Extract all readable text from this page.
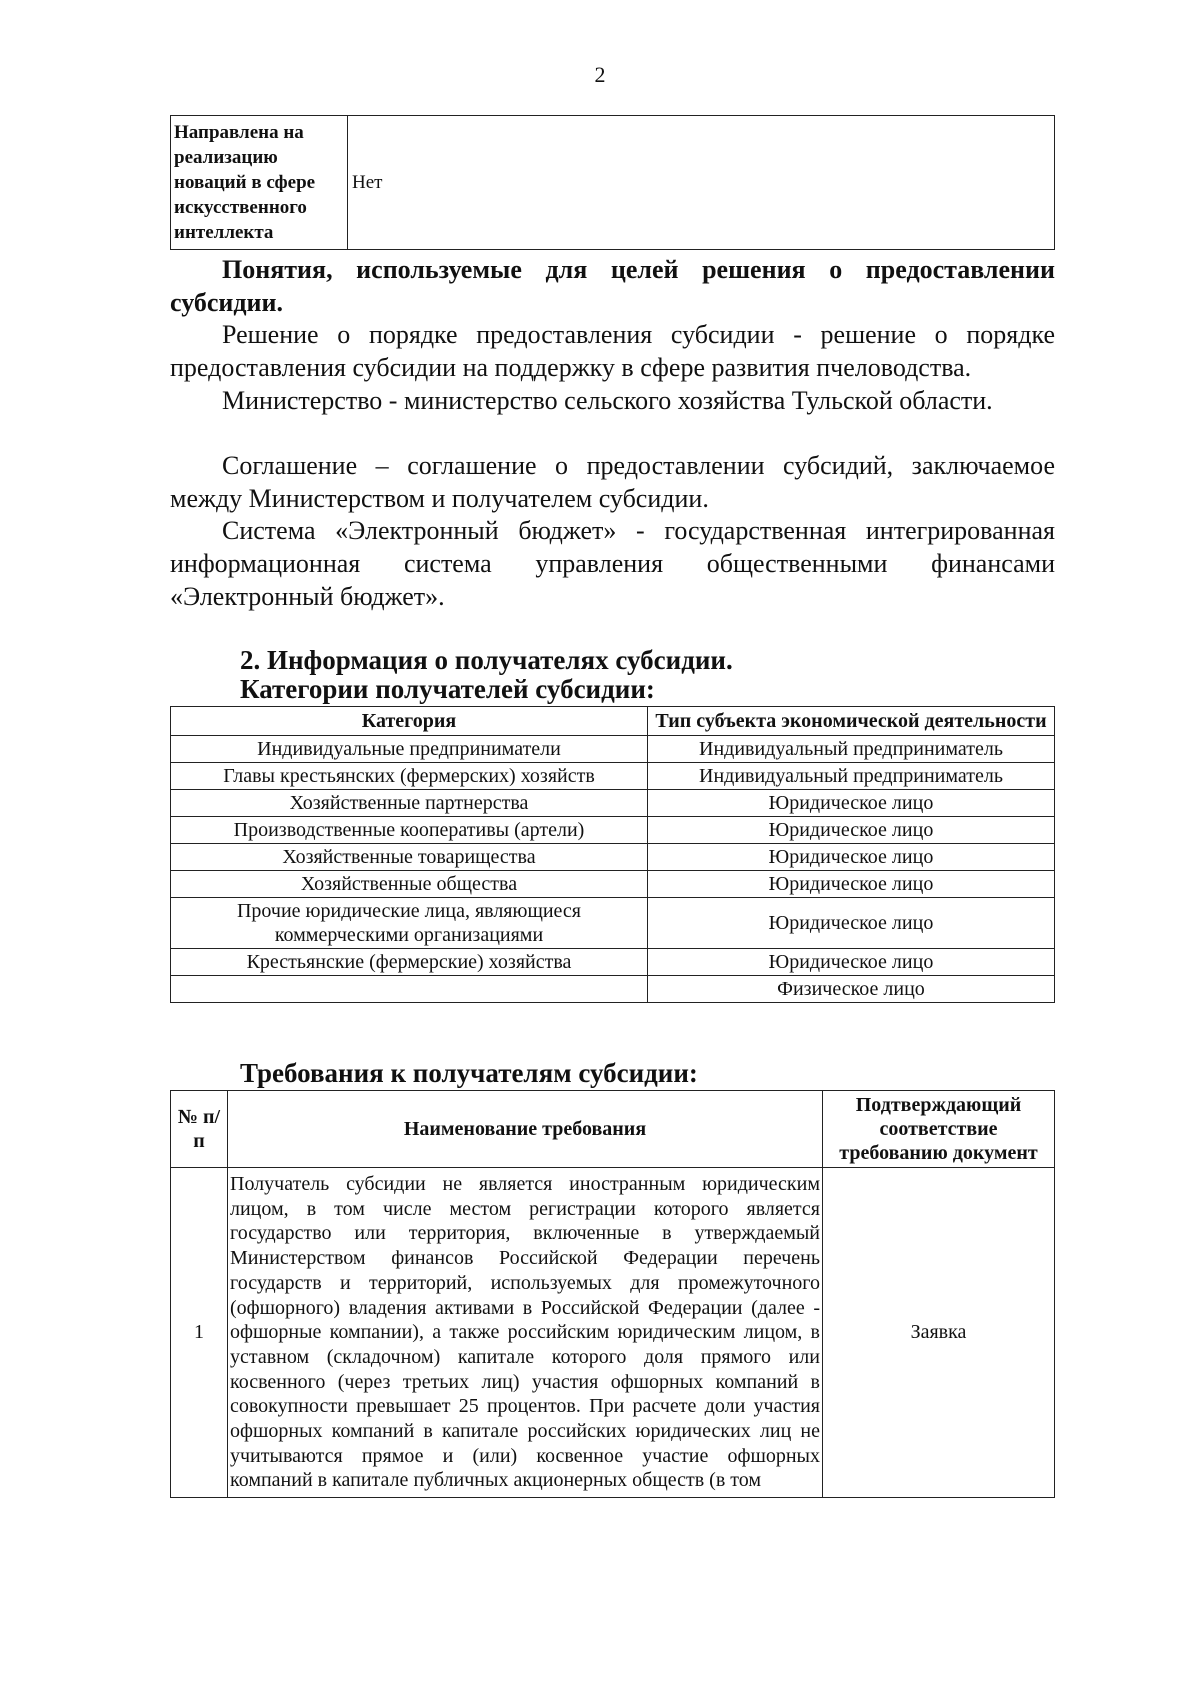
2
Направлена на реализацию новаций в сфере искусственного интеллекта	Нет
Понятия, используемые для целей решения о предоставлении субсидии.
Решение о порядке предоставления субсидии - решение о порядке предоставления субсидии на поддержку в сфере развития пчеловодства.
Министерство - министерство сельского хозяйства Тульской области.
Соглашение – соглашение о предоставлении субсидий, заключаемое между Министерством и получателем субсидии.
Система «Электронный бюджет» - государственная интегрированная информационная система управления общественными финансами «Электронный бюджет».
2. Информация о получателях субсидии.
Категории получателей субсидии:
Категория	Тип субъекта экономической деятельности
Индивидуальные предприниматели	Индивидуальный предприниматель
Главы крестьянских (фермерских) хозяйств	Индивидуальный предприниматель
Хозяйственные партнерства	Юридическое лицо
Производственные кооперативы (артели)	Юридическое лицо
Хозяйственные товарищества	Юридическое лицо
Хозяйственные общества	Юридическое лицо
Прочие юридические лица, являющиеся коммерческими организациями	Юридическое лицо
Крестьянские (фермерские) хозяйства	Юридическое лицо
	Физическое лицо
Требования к получателям субсидии:
№ п/п	Наименование требования	Подтверждающий соответствие требованию документ
1	Получатель субсидии не является иностранным юридическим лицом, в том числе местом регистрации которого является государство или территория, включенные в утверждаемый Министерством финансов Российской Федерации перечень государств и территорий, используемых для промежуточного (офшорного) владения активами в Российской Федерации (далее - офшорные компании), а также российским юридическим лицом, в уставном (складочном) капитале которого доля прямого или косвенного (через третьих лиц) участия офшорных компаний в совокупности превышает 25 процентов. При расчете доли участия офшорных компаний в капитале российских юридических лиц не учитываются прямое и (или) косвенное участие офшорных компаний в капитале публичных акционерных обществ (в том	Заявка
